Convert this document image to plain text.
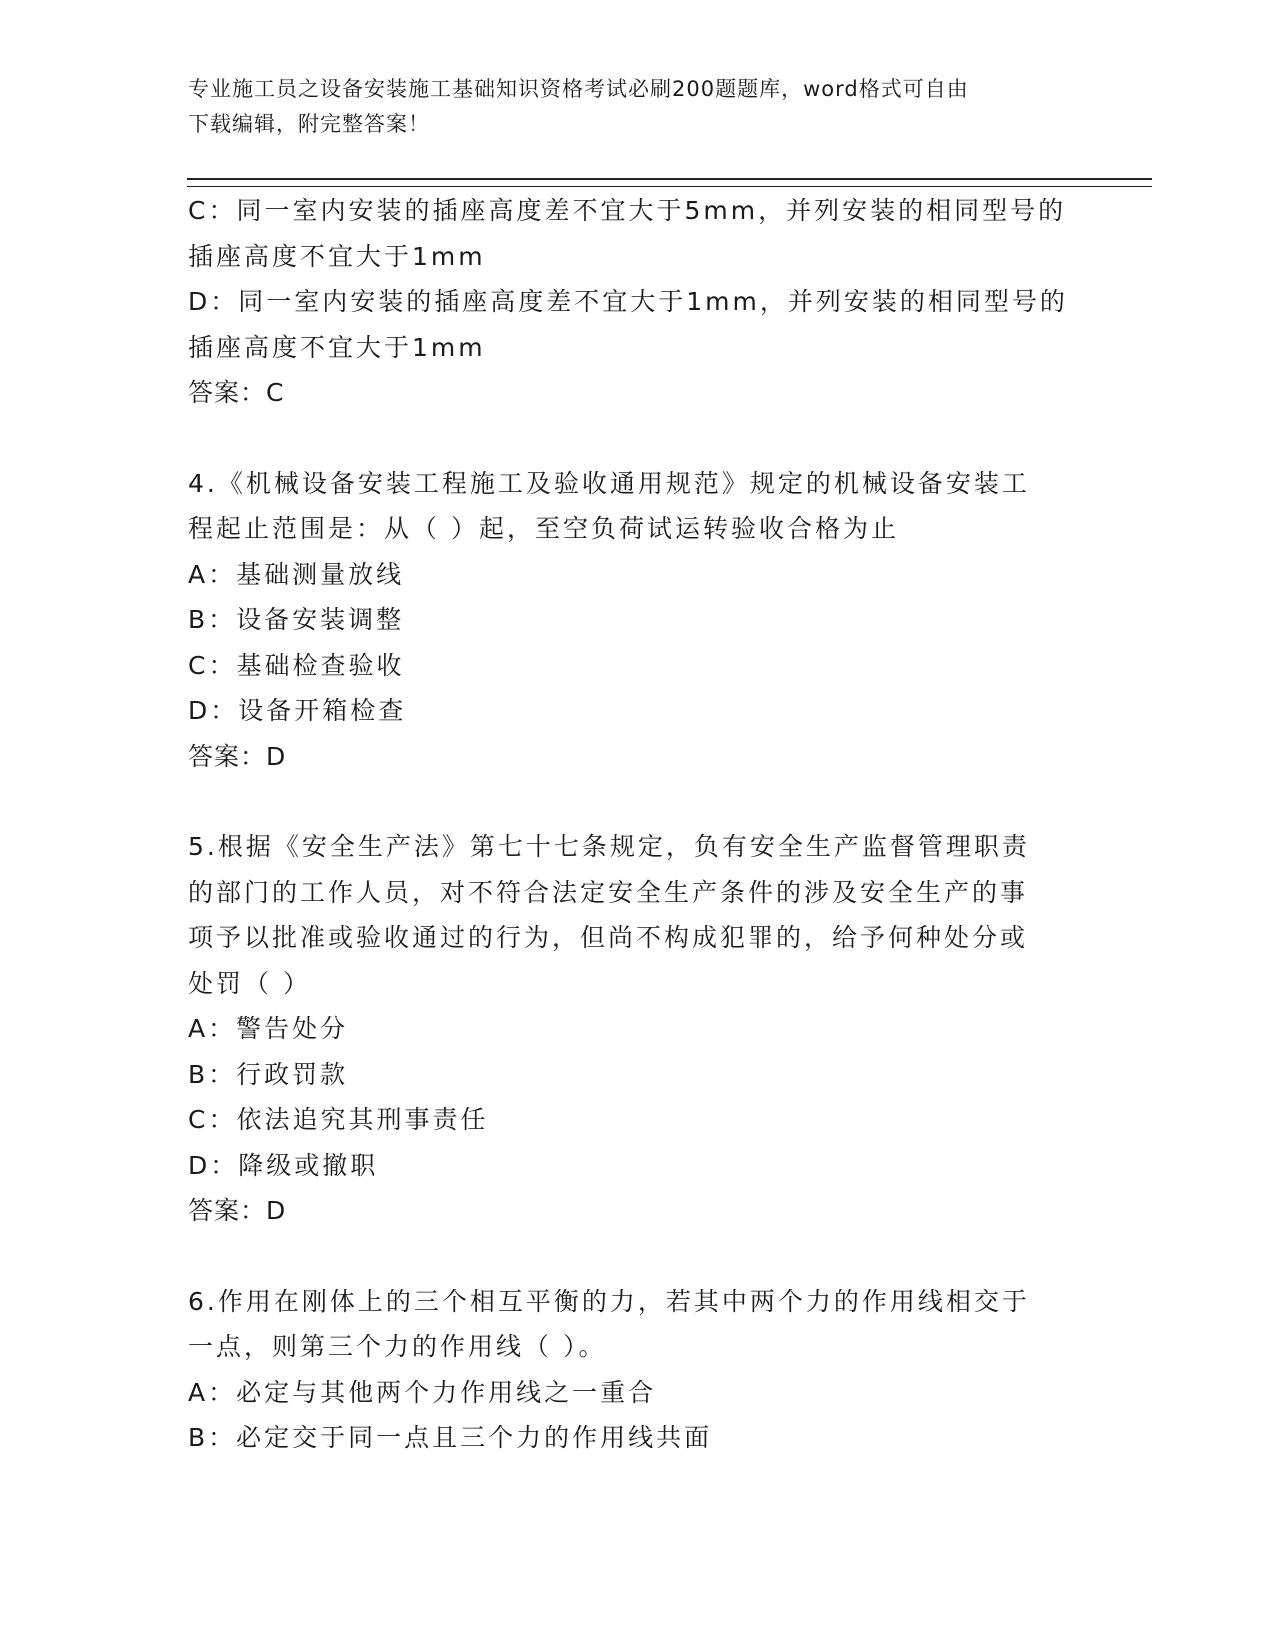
专业施工员之设备安装施工基础知识资格考试必刷200题题库，word格式可自由
下载编辑，附完整答案！
C：同一室内安装的插座高度差不宜大于5mm，并列安装的相同型号的
插座高度不宜大于1mm
D：同一室内安装的插座高度差不宜大于1mm，并列安装的相同型号的
插座高度不宜大于1mm
答案：C
4.《机械设备安装工程施工及验收通用规范》规定的机械设备安装工
程起止范围是：从（ ）起，至空负荷试运转验收合格为止
A：基础测量放线
B：设备安装调整
C：基础检查验收
D：设备开箱检查
答案：D
5.根据《安全生产法》第七十七条规定，负有安全生产监督管理职责
的部门的工作人员，对不符合法定安全生产条件的涉及安全生产的事
项予以批准或验收通过的行为，但尚不构成犯罪的，给予何种处分或
处罚（ ）
A：警告处分
B：行政罚款
C：依法追究其刑事责任
D：降级或撤职
答案：D
6.作用在刚体上的三个相互平衡的力，若其中两个力的作用线相交于
一点，则第三个力的作用线（ ）。
A：必定与其他两个力作用线之一重合
B：必定交于同一点且三个力的作用线共面
